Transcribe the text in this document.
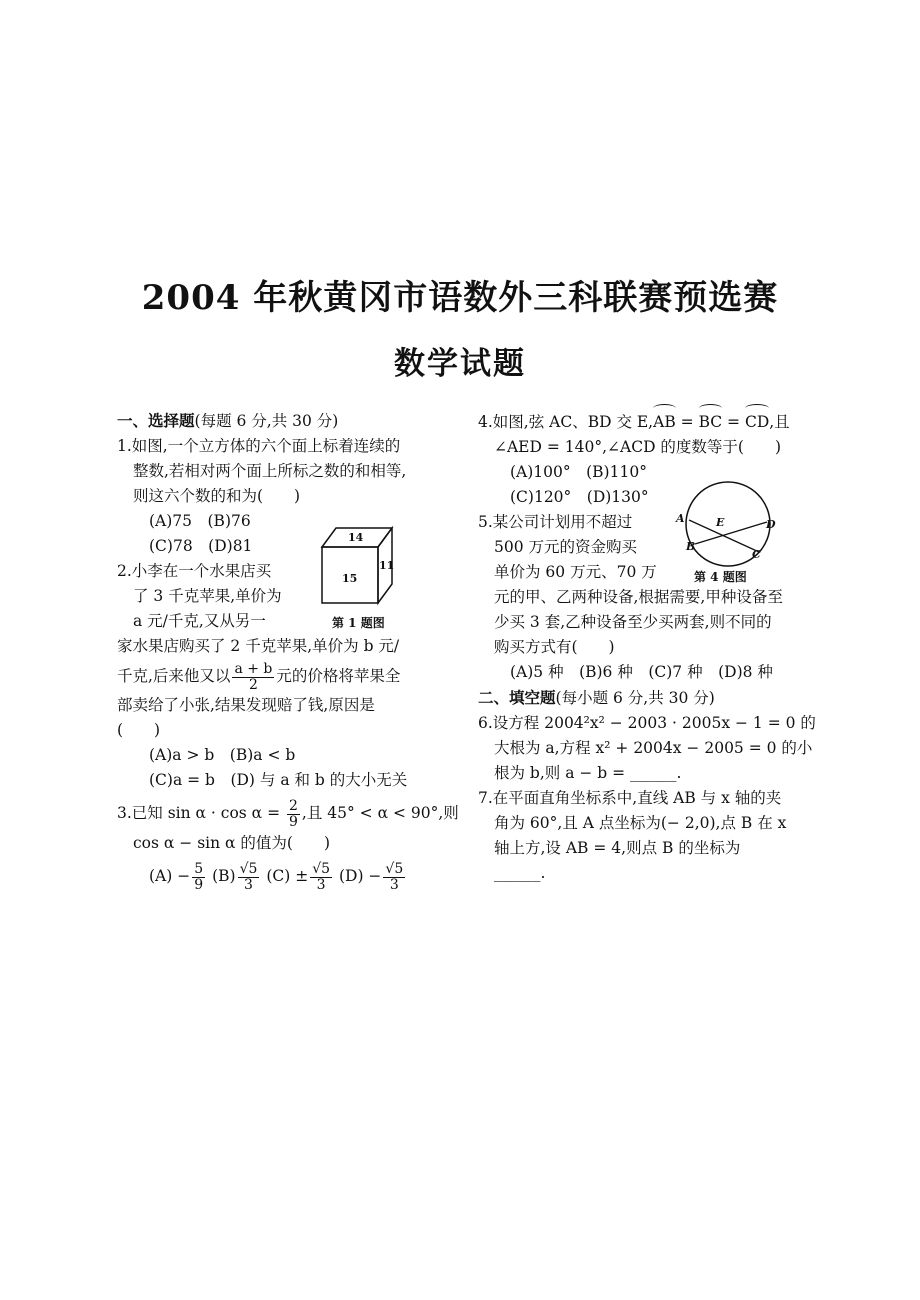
2004 年秋黄冈市语数外三科联赛预选赛
数学试题
一、选择题(每题 6 分,共 30 分)
1.如图,一个立方体的六个面上标着连续的
整数,若相对两个面上所标之数的和相等,
则这六个数的和为(　　)
(A)75　(B)76
(C)78　(D)81
2.小李在一个水果店买
了 3 千克苹果,单价为
a 元/千克,又从另一
家水果店购买了 2 千克苹果,单价为 b 元/
千克,后来他又以 $\frac{a + b}{2}$ 元的价格将苹果全
部卖给了小张,结果发现赔了钱,原因是
(　　)
(A)a > b　(B)a < b
(C)a = b　(D) 与 a 和 b 的大小无关
3.已知 $\sin \alpha \cdot \cos \alpha = \frac{2}{9}$ ,且 45° < α < 90°,则
cos α − sin α 的值为(　　)
$(A) - \frac{5}{9} (B) \frac{√5}{3} (C) \pm \frac{√5}{3} (D) - \frac{√5}{3}$
14
15
11
第 1 题图
4.如图,弦 AC、BD 交 E,AB = BC = CD,且
∠AED = 140°,∠ACD 的度数等于(　　)
(A)100°　(B)110°
(C)120°　(D)130°
5.某公司计划用不超过
500 万元的资金购买
单价为 60 万元、70 万
元的甲、乙两种设备,根据需要,甲种设备至
少买 3 套,乙种设备至少买两套,则不同的
购买方式有(　　)
(A)5 种　(B)6 种　(C)7 种　(D)8 种
二、填空题(每小题 6 分,共 30 分)
6.设方程 2004²x² − 2003 · 2005x − 1 = 0 的
大根为 a,方程 x² + 2004x − 2005 = 0 的小
根为 b,则 a − b = ______.
7.在平面直角坐标系中,直线 AB 与 x 轴的夹
角为 60°,且 A 点坐标为(− 2,0),点 B 在 x
轴上方,设 AB = 4,则点 B 的坐标为
______.
A
B
C
D
E
第 4 题图
